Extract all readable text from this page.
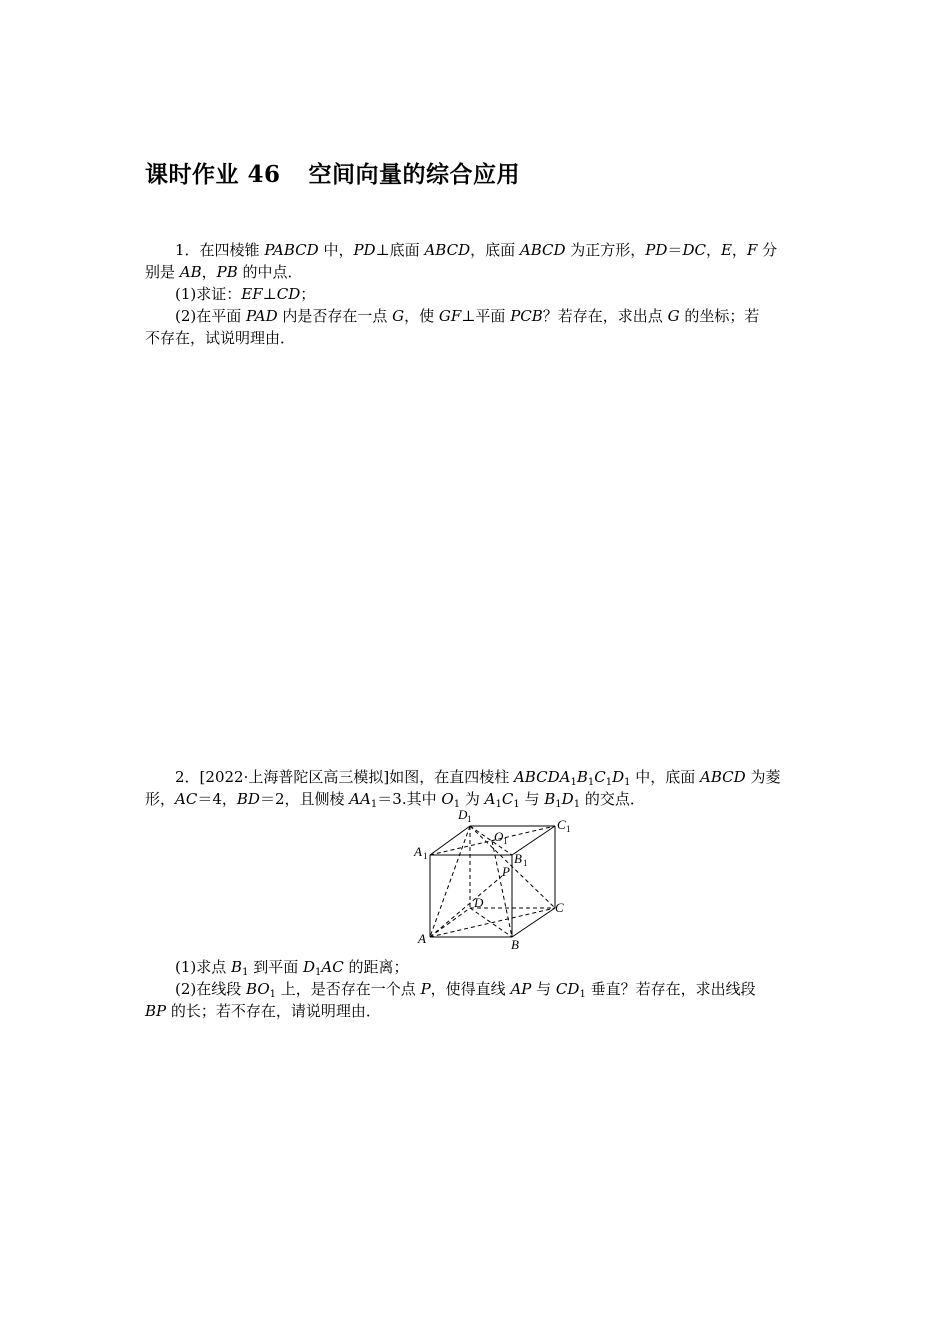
课时作业 46 空间向量的综合应用

1．在四棱锥 PABCD 中，PD⊥底面 ABCD，底面 ABCD 为正方形，PD＝DC，E，F 分

别是 AB，PB 的中点．

(1)求证：EF⊥CD；

(2)在平面 PAD 内是否存在一点 G，使 GF⊥平面 PCB？若存在，求出点 G 的坐标；若

不存在，试说明理由．

2．[2022·上海普陀区高三模拟]如图，在直四棱柱 $ABCDA_1B_1C_1D_1$ 中，底面 ABCD 为菱

形，AC＝4，BD＝2，且侧棱 $AA_1=3$.其中 $O_1$ 为 $A_1C_1$ 与 $B_1D_1$ 的交点．

D 1
O 1
C 1
A 1	B 1
P
D	C
A	B

(1)求点 $B_1$ 到平面 $D_1AC$ 的距离；

(2)在线段 $BO_1$ 上，是否存在一个点 P，使得直线 AP 与 $CD_1$ 垂直？若存在，求出线段

BP 的长；若不存在，请说明理由．
